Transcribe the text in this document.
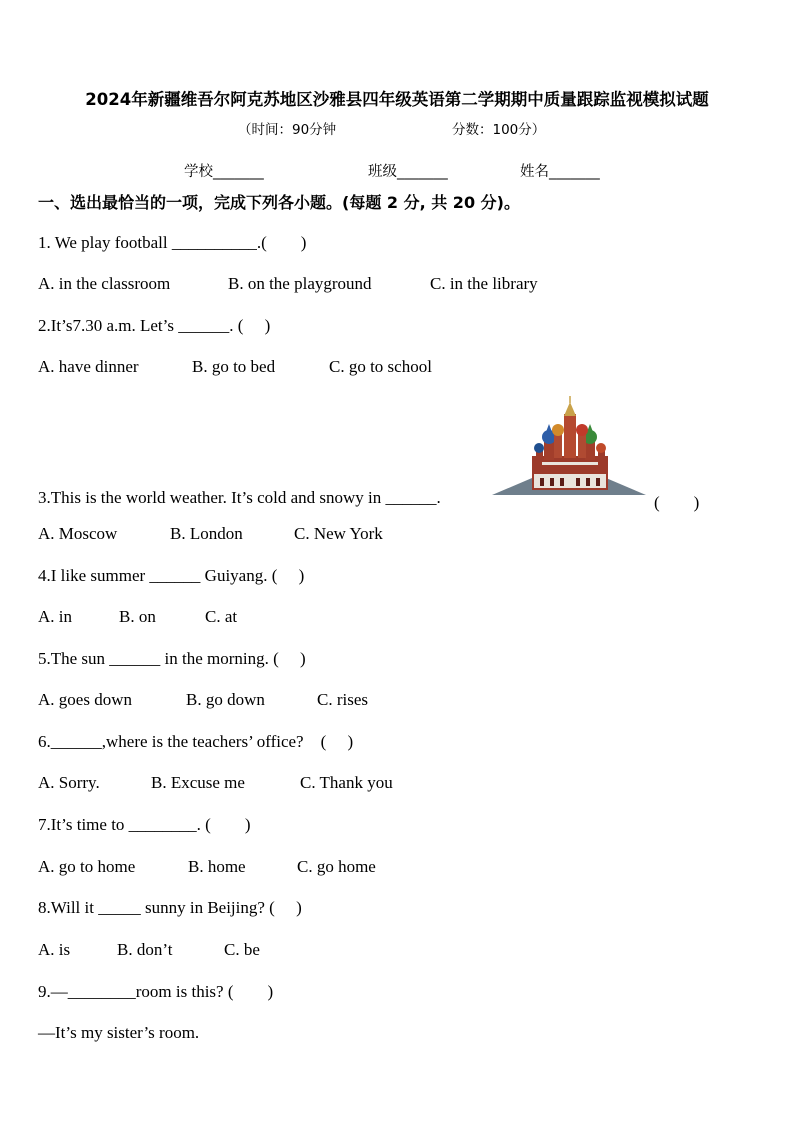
2024年新疆维吾尔阿克苏地区沙雅县四年级英语第二学期期中质量跟踪监视模拟试题
（时间：90分钟	分数：100分）
学校_______	班级_______	姓名_______
一、选出最恰当的一项，完成下列各小题。(每题 2 分, 共 20 分)。
1. We play football __________.(　　)
A. in the classroom	B. on the playground	C. in the library
2.It’s7.30 a.m. Let’s ______. (　 )
A. have dinner	B. go to bed	C. go to school
3.This is the world weather. It’s cold and snowy in ______.	(　　)
A. Moscow	B. London	C. New York
4.I like summer ______ Guiyang. (　 )
A. in	B. on	C. at
5.The sun ______ in the morning. (　 )
A. goes down	B. go down	C. rises
6.______,where is the teachers’ office?　(　 )
A. Sorry.	B. Excuse me	C. Thank you
7.It’s time to ________. (　　)
A. go to home	B. home	C. go home
8.Will it _____ sunny in Beijing? (　 )
A. is	B. don’t	C. be
9.—________room is this? (　　)
—It’s my sister’s room.
